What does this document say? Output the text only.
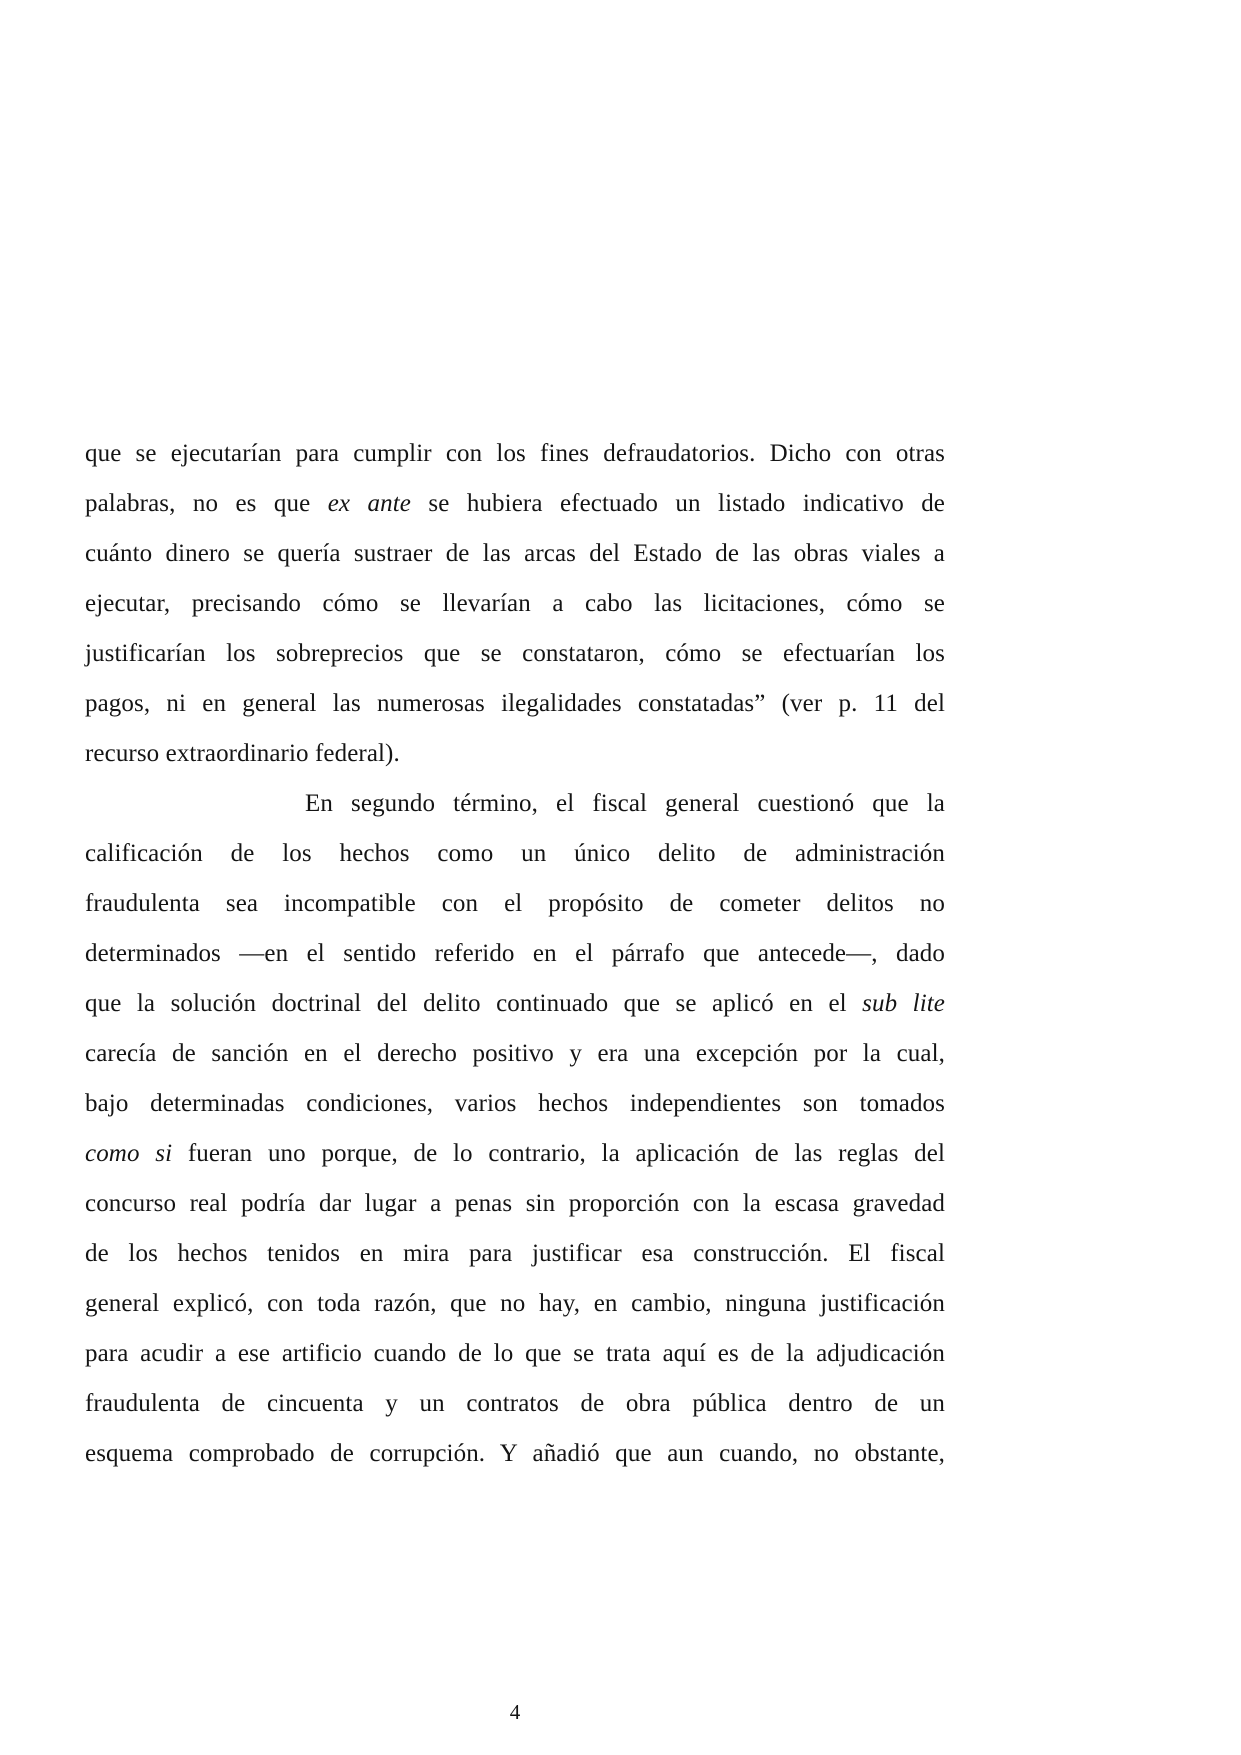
que se ejecutarían para cumplir con los fines defraudatorios. Dicho con otras
palabras, no es que ex ante se hubiera efectuado un listado indicativo de
cuánto dinero se quería sustraer de las arcas del Estado de las obras viales a
ejecutar, precisando cómo se llevarían a cabo las licitaciones, cómo se
justificarían los sobreprecios que se constataron, cómo se efectuarían los
pagos, ni en general las numerosas ilegalidades constatadas” (ver p. 11 del
recurso extraordinario federal).
En segundo término, el fiscal general cuestionó que la
calificación de los hechos como un único delito de administración
fraudulenta sea incompatible con el propósito de cometer delitos no
determinados —en el sentido referido en el párrafo que antecede—, dado
que la solución doctrinal del delito continuado que se aplicó en el sub lite
carecía de sanción en el derecho positivo y era una excepción por la cual,
bajo determinadas condiciones, varios hechos independientes son tomados
como si fueran uno porque, de lo contrario, la aplicación de las reglas del
concurso real podría dar lugar a penas sin proporción con la escasa gravedad
de los hechos tenidos en mira para justificar esa construcción. El fiscal
general explicó, con toda razón, que no hay, en cambio, ninguna justificación
para acudir a ese artificio cuando de lo que se trata aquí es de la adjudicación
fraudulenta de cincuenta y un contratos de obra pública dentro de un
esquema comprobado de corrupción. Y añadió que aun cuando, no obstante,
4
